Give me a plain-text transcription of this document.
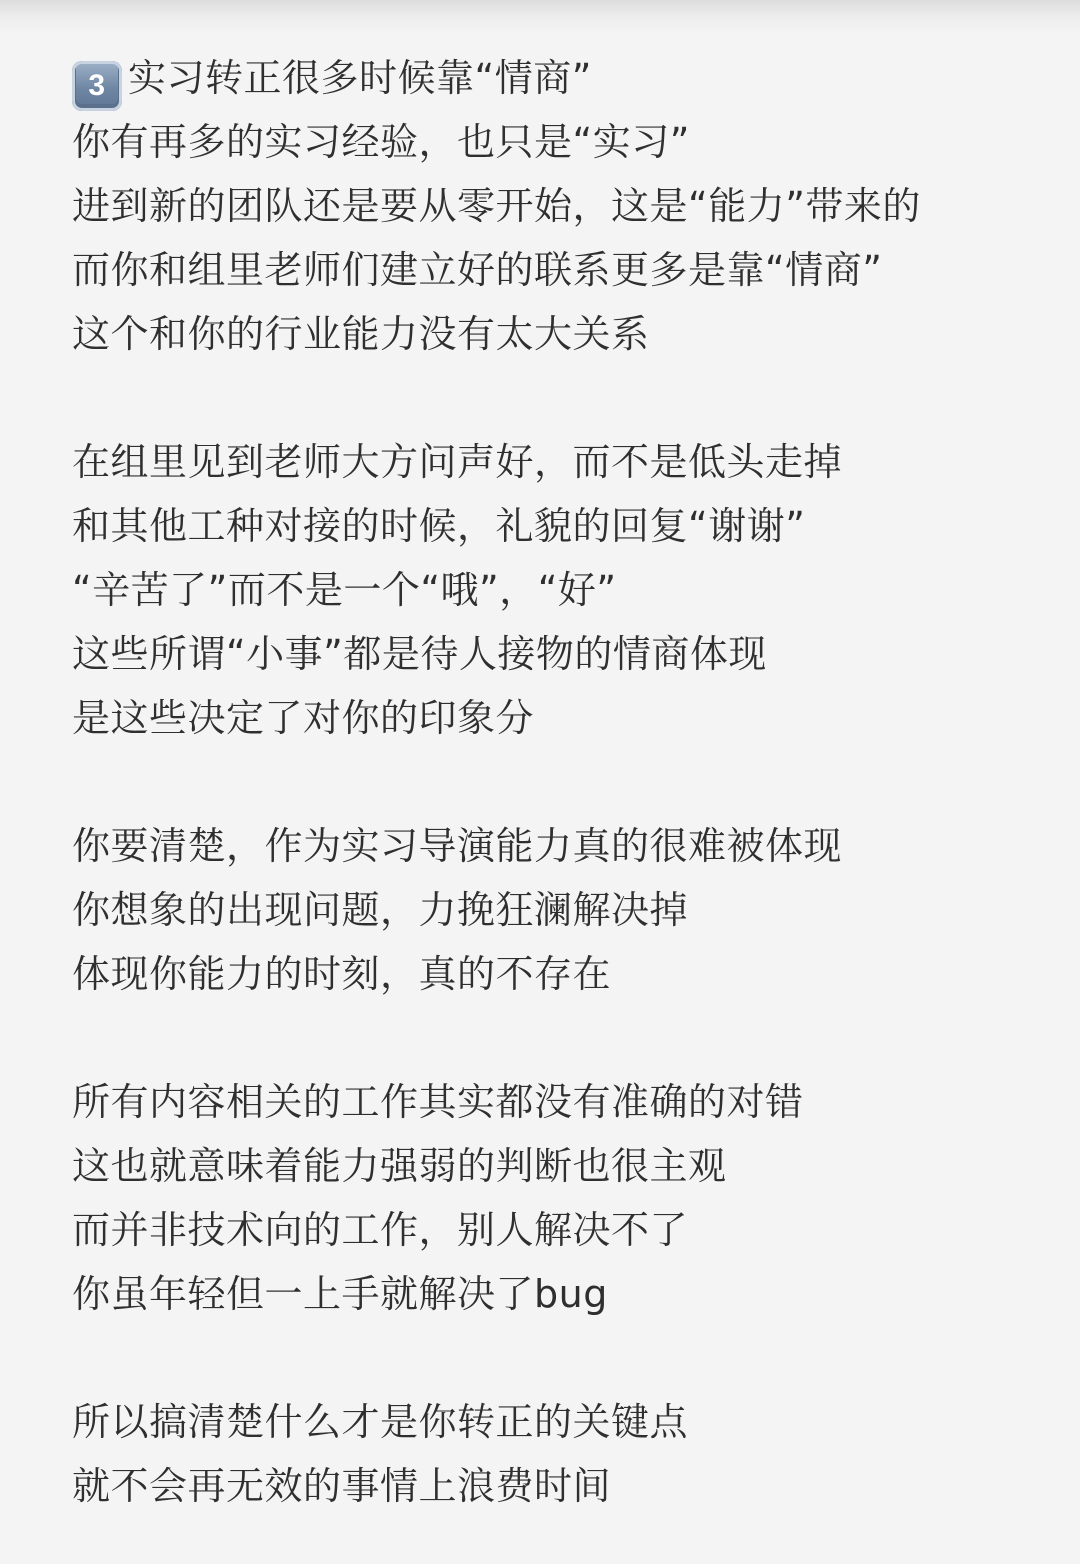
3 实习转正很多时候靠“情商”
你有再多的实习经验，也只是“实习”
进到新的团队还是要从零开始，这是“能力”带来的
而你和组里老师们建立好的联系更多是靠“情商”
这个和你的行业能力没有太大关系
在组里见到老师大方问声好，而不是低头走掉
和其他工种对接的时候，礼貌的回复“谢谢”
“辛苦了”而不是一个“哦”，“好”
这些所谓“小事”都是待人接物的情商体现
是这些决定了对你的印象分
你要清楚，作为实习导演能力真的很难被体现
你想象的出现问题，力挽狂澜解决掉
体现你能力的时刻，真的不存在
所有内容相关的工作其实都没有准确的对错
这也就意味着能力强弱的判断也很主观
而并非技术向的工作，别人解决不了
你虽年轻但一上手就解决了bug
所以搞清楚什么才是你转正的关键点
就不会再无效的事情上浪费时间
